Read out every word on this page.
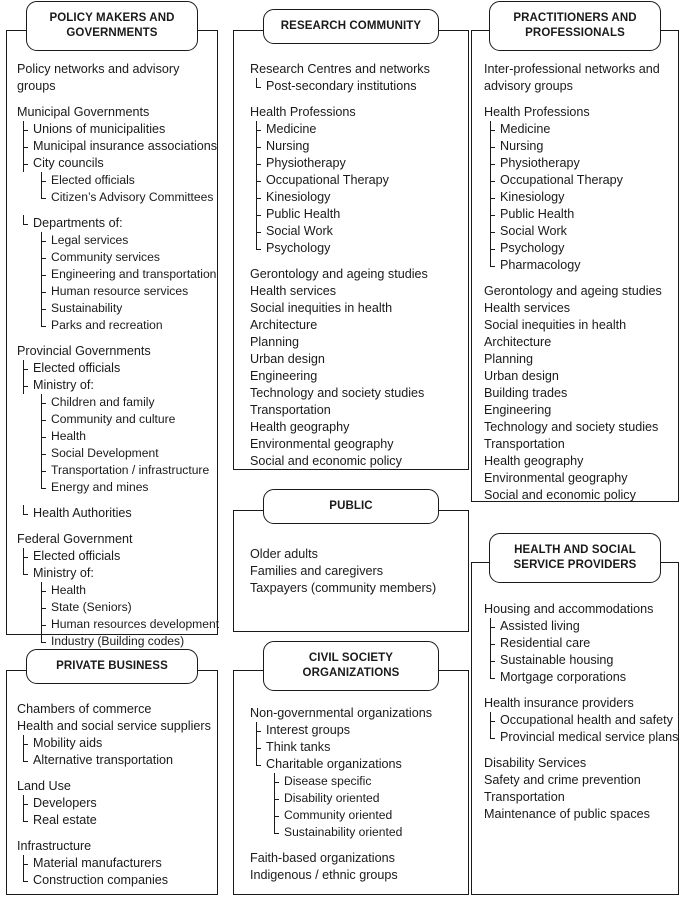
POLICY MAKERS AND
GOVERNMENTS
Policy networks and advisory groups
Municipal Governments
Unions of municipalities
Municipal insurance associations
City councils
Elected officials
Citizen’s Advisory Committees
Departments of:
Legal services
Community services
Engineering and transportation
Human resource services
Sustainability
Parks and recreation
Provincial Governments
Elected officials
Ministry of:
Children and family
Community and culture
Health
Social Development
Transportation / infrastructure
Energy and mines
Health Authorities
Federal Government
Elected officials
Ministry of:
Health
State (Seniors)
Human resources development
Industry (Building codes)
PRIVATE BUSINESS
Chambers of commerce
Health and social service suppliers
Mobility aids
Alternative transportation
Land Use
Developers
Real estate
Infrastructure
Material manufacturers
Construction companies
RESEARCH COMMUNITY
Research Centres and networks
Post-secondary institutions
Health Professions
Medicine
Nursing
Physiotherapy
Occupational Therapy
Kinesiology
Public Health
Social Work
Psychology
Gerontology and ageing studies
Health services
Social inequities in health
Architecture
Planning
Urban design
Engineering
Technology and society studies
Transportation
Health geography
Environmental geography
Social and economic policy
PUBLIC
Older adults
Families and caregivers
Taxpayers (community members)
CIVIL SOCIETY
ORGANIZATIONS
Non-governmental organizations
Interest groups
Think tanks
Charitable organizations
Disease specific
Disability oriented
Community oriented
Sustainability oriented
Faith-based organizations
Indigenous / ethnic groups
PRACTITIONERS AND
PROFESSIONALS
Inter-professional networks and advisory groups
Health Professions
Medicine
Nursing
Physiotherapy
Occupational Therapy
Kinesiology
Public Health
Social Work
Psychology
Pharmacology
Gerontology and ageing studies
Health services
Social inequities in health
Architecture
Planning
Urban design
Building trades
Engineering
Technology and society studies
Transportation
Health geography
Environmental geography
Social and economic policy
HEALTH AND SOCIAL
SERVICE PROVIDERS
Housing and accommodations
Assisted living
Residential care
Sustainable housing
Mortgage corporations
Health insurance providers
Occupational health and safety
Provincial medical service plans
Disability Services
Safety and crime prevention
Transportation
Maintenance of public spaces
